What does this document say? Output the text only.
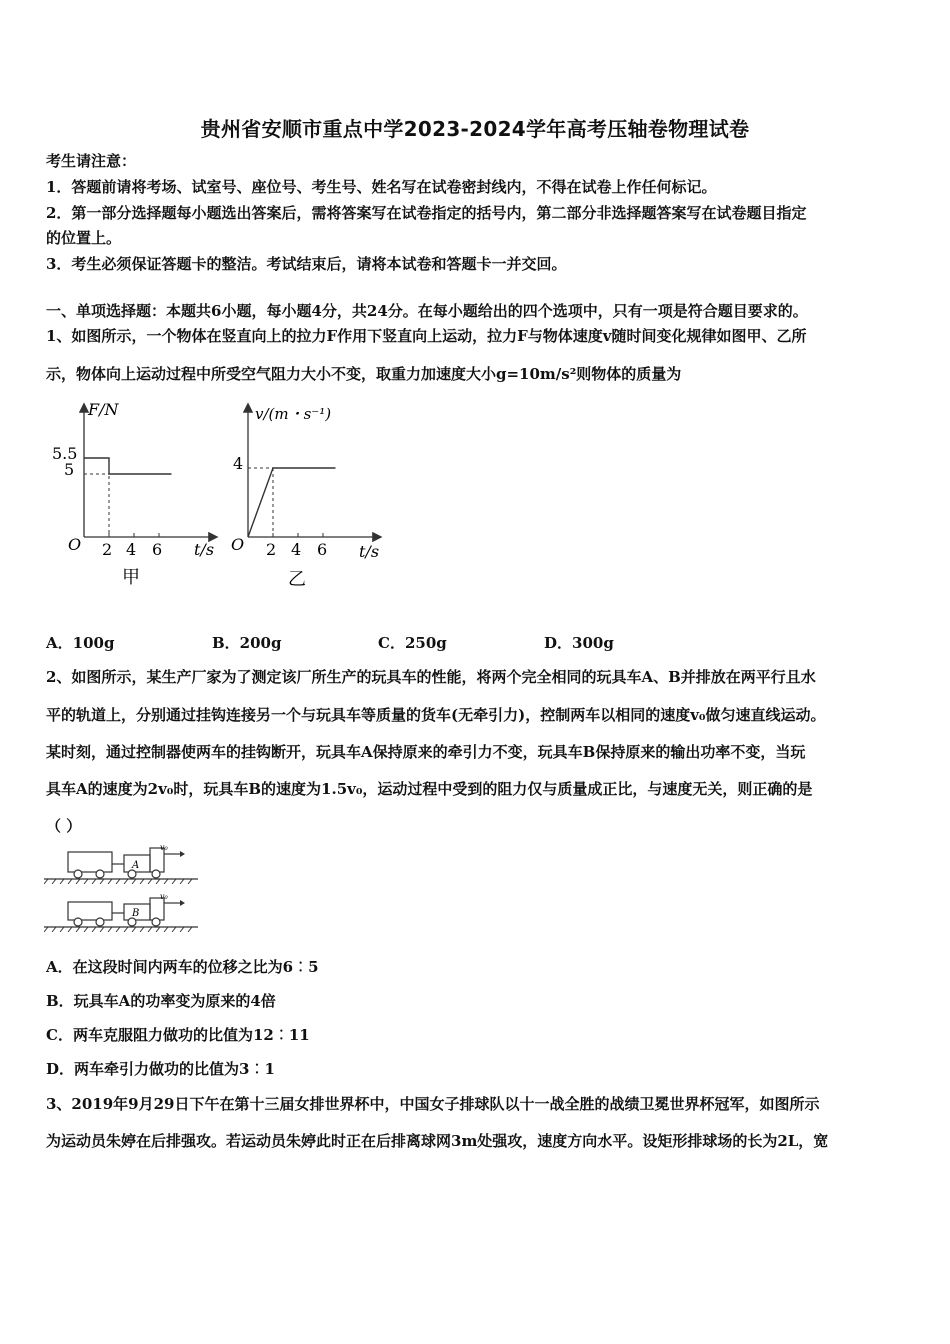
贵州省安顺市重点中学2023-2024学年高考压轴卷物理试卷
考生请注意：
1．答题前请将考场、试室号、座位号、考生号、姓名写在试卷密封线内，不得在试卷上作任何标记。
2．第一部分选择题每小题选出答案后，需将答案写在试卷指定的括号内，第二部分非选择题答案写在试卷题目指定
的位置上。
3．考生必须保证答题卡的整洁。考试结束后，请将本试卷和答题卡一并交回。
一、单项选择题：本题共6小题，每小题4分，共24分。在每小题给出的四个选项中，只有一项是符合题目要求的。
1、如图所示，一个物体在竖直向上的拉力F作用下竖直向上运动，拉力F与物体速度v随时间变化规律如图甲、乙所
示，物体向上运动过程中所受空气阻力大小不变，取重力加速度大小g=10m/s²则物体的质量为
F/N
O	t/s
5.5
5
2 4 6
甲
v/(m・s⁻¹)
O	t/s
4
2 4 6
乙
A．100g	B．200g	C．250g	D．300g
2、如图所示，某生产厂家为了测定该厂所生产的玩具车的性能，将两个完全相同的玩具车A、B并排放在两平行且水
平的轨道上，分别通过挂钩连接另一个与玩具车等质量的货车(无牵引力)，控制两车以相同的速度v₀做匀速直线运动。
某时刻，通过控制器使两车的挂钩断开，玩具车A保持原来的牵引力不变，玩具车B保持原来的输出功率不变，当玩
具车A的速度为2v₀时，玩具车B的速度为1.5v₀，运动过程中受到的阻力仅与质量成正比，与速度无关，则正确的是
（ ）
A
v₀
B
v₀
A．在这段时间内两车的位移之比为6︰5
B．玩具车A的功率变为原来的4倍
C．两车克服阻力做功的比值为12︰11
D．两车牵引力做功的比值为3︰1
3、2019年9月29日下午在第十三届女排世界杯中，中国女子排球队以十一战全胜的战绩卫冕世界杯冠军，如图所示
为运动员朱婷在后排强攻。若运动员朱婷此时正在后排离球网3m处强攻，速度方向水平。设矩形排球场的长为2L，宽
